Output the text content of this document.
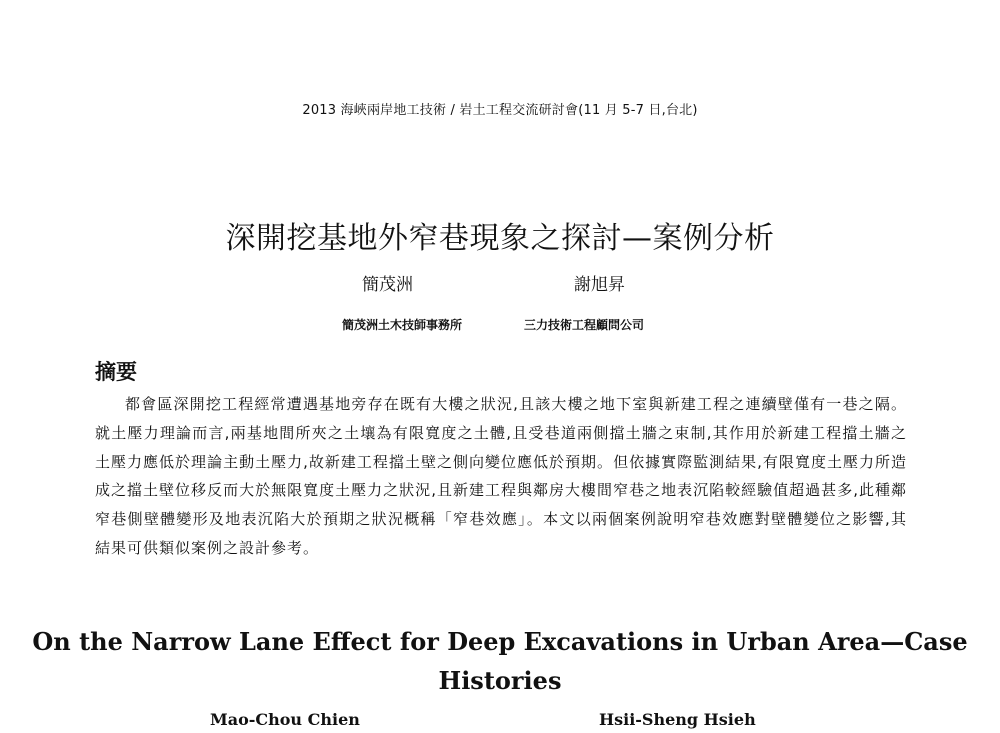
2013 海峽兩岸地工技術 / 岩土工程交流研討會(11 月 5-7 日,台北)
深開挖基地外窄巷現象之探討—案例分析
簡茂洲	謝旭昇
簡茂洲土木技師事務所	三力技術工程顧問公司
摘要

都會區深開挖工程經常遭遇基地旁存在既有大樓之狀況,且該大樓之地下室與新建工程之連續壁僅有一巷之隔。就土壓力理論而言,兩基地間所夾之土壤為有限寬度之土體,且受巷道兩側擋土牆之束制,其作用於新建工程擋土牆之土壓力應低於理論主動土壓力,故新建工程擋土壁之側向變位應低於預期。但依據實際監測結果,有限寬度土壓力所造成之擋土壁位移反而大於無限寬度土壓力之狀況,且新建工程與鄰房大樓間窄巷之地表沉陷較經驗值超過甚多,此種鄰窄巷側壁體變形及地表沉陷大於預期之狀況概稱「窄巷效應」。本文以兩個案例說明窄巷效應對壁體變位之影響,其結果可供類似案例之設計參考。

On the Narrow Lane Effect for Deep Excavations in Urban Area—Case Histories
Mao-Chou Chien	Hsii-Sheng Hsieh
